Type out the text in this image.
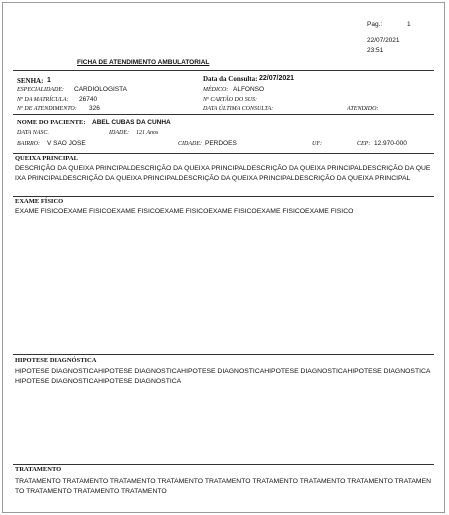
Pag.:	1
22/07/2021
23:51
FICHA DE ATENDIMENTO AMBULATORIAL
SENHA: 1	Data da Consulta: 22/07/2021
ESPECIALIDADE: CARDIOLOGISTA	MÉDICO: ALFONSO
Nº DA MATRÍCULA: 26740	Nº CARTÃO DO SUS:
Nº DE ATENDIMENTO: 326	DATA ÚLTIMA CONSULTA:	ATENDIDO:
NOME DO PACIENTE: ABEL CUBAS DA CUNHA
DATA NASC.	IDADE: 121 Anos
BAIRRO: V SAO JOSE	CIDADE: PERDOES	UF:	CEP: 12.970-000
QUEIXA PRINCIPAL
DESCRIÇÃO DA QUEIXA PRINCIPALDESCRIÇÃO DA QUEIXA PRINCIPALDESCRIÇÃO DA QUEIXA PRINCIPALDESCRIÇÃO DA QUEIXA PRINCIPALDESCRIÇÃO DA QUEIXA PRINCIPALDESCRIÇÃO DA QUEIXA PRINCIPALDESCRIÇÃO DA QUEIXA PRINCIPAL
EXAME FÍSICO
EXAME FISICOEXAME FISICOEXAME FISICOEXAME FISICOEXAME FISICOEXAME FISICOEXAME FISICO
HIPOTESE DIAGNÓSTICA
HIPOTESE DIAGNOSTICAHIPOTESE DIAGNOSTICAHIPOTESE DIAGNOSTICAHIPOTESE DIAGNOSTICAHIPOTESE DIAGNOSTICAHIPOTESE DIAGNOSTICAHIPOTESE DIAGNOSTICA
TRATAMENTO
TRATAMENTO TRATAMENTO TRATAMENTO TRATAMENTO TRATAMENTO TRATAMENTO TRATAMENTO TRATAMENTO TRATAMENTO TRATAMENTO TRATAMENTO TRATAMENTO
